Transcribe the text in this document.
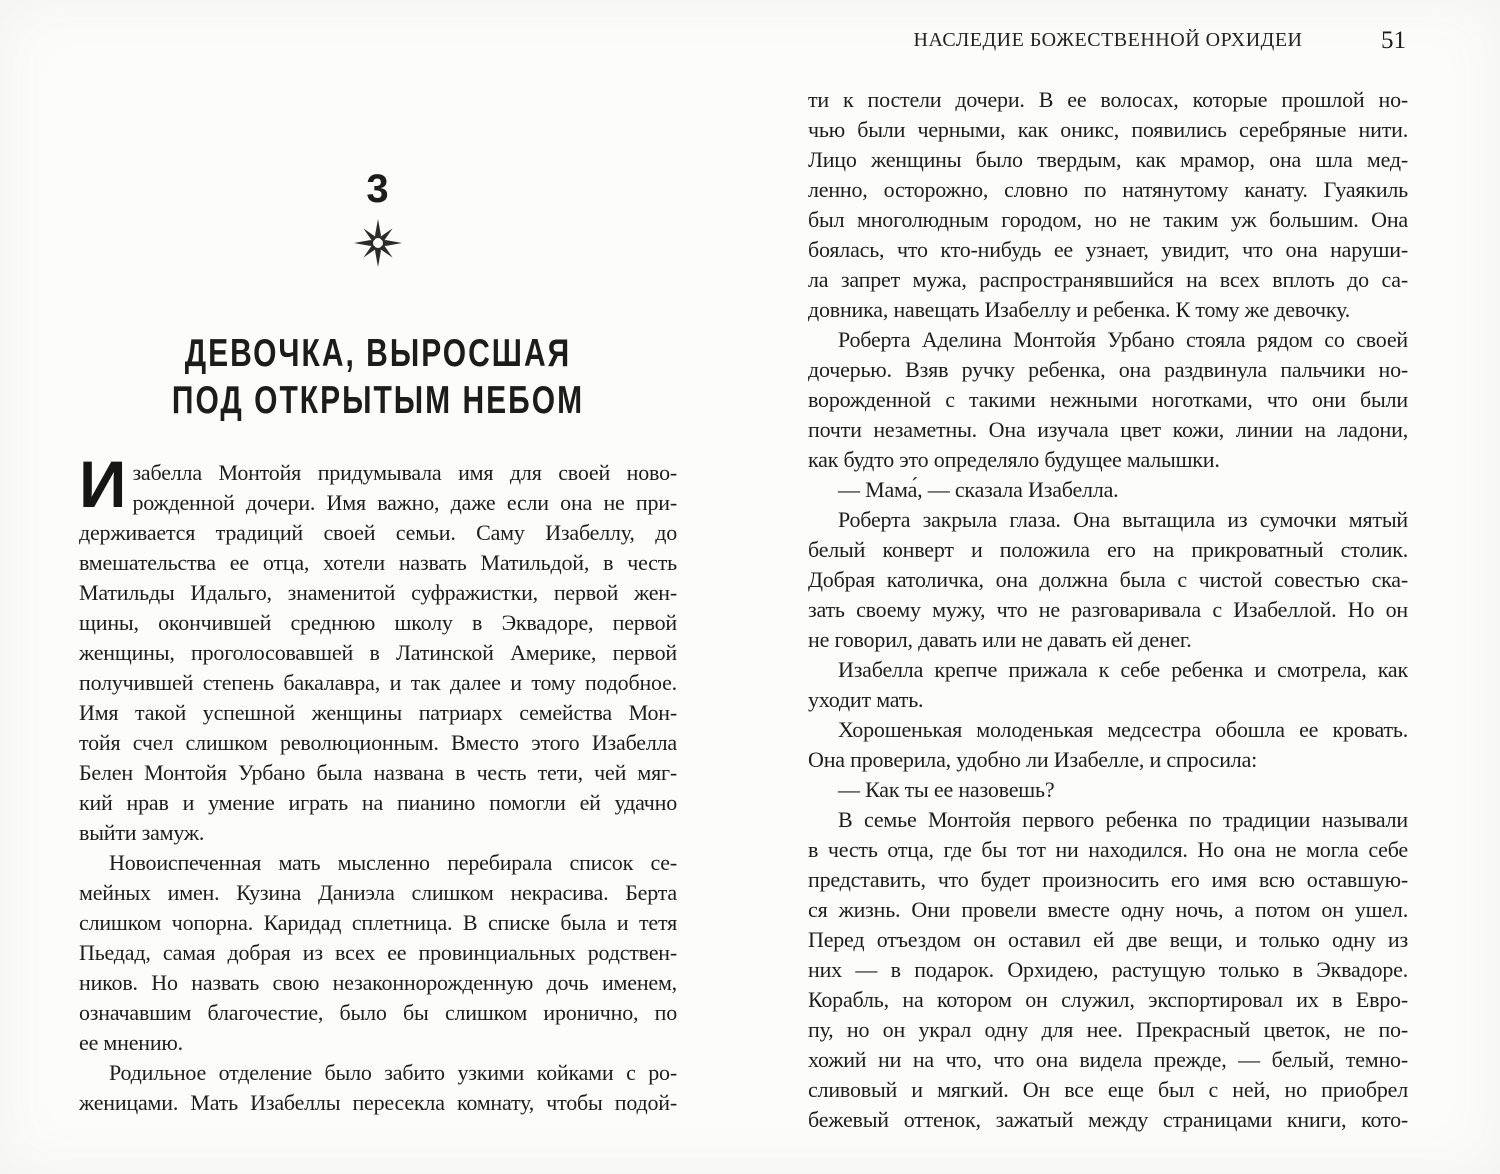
3
ДЕВОЧКА, ВЫРОСШАЯ
ПОД ОТКРЫТЫМ НЕБОМ
И забелла Монтойя придумывала имя для своей ново-
рожденной дочери. Имя важно, даже если она не при-
держивается традиций своей семьи. Саму Изабеллу, до
вмешательства ее отца, хотели назвать Матильдой, в честь
Матильды Идальго, знаменитой суфражистки, первой жен-
щины, окончившей среднюю школу в Эквадоре, первой
женщины, проголосовавшей в Латинской Америке, первой
получившей степень бакалавра, и так далее и тому подобное.
Имя такой успешной женщины патриарх семейства Мон-
тойя счел слишком революционным. Вместо этого Изабелла
Белен Монтойя Урбано была названа в честь тети, чей мяг-
кий нрав и умение играть на пианино помогли ей удачно
выйти замуж.
Новоиспеченная мать мысленно перебирала список се-
мейных имен. Кузина Даниэла слишком некрасива. Берта
слишком чопорна. Каридад сплетница. В списке была и тетя
Пьедад, самая добрая из всех ее провинциальных родствен-
ников. Но назвать свою незаконнорожденную дочь именем,
означавшим благочестие, было бы слишком иронично, по
ее мнению.
Родильное отделение было забито узкими койками с ро-
женицами. Мать Изабеллы пересекла комнату, чтобы подой-
НАСЛЕДИЕ БОЖЕСТВЕННОЙ ОРХИДЕИ	51
ти к постели дочери. В ее волосах, которые прошлой но-
чью были черными, как оникс, появились серебряные нити.
Лицо женщины было твердым, как мрамор, она шла мед-
ленно, осторожно, словно по натянутому канату. Гуаякиль
был многолюдным городом, но не таким уж большим. Она
боялась, что кто-нибудь ее узнает, увидит, что она наруши-
ла запрет мужа, распространявшийся на всех вплоть до са-
довника, навещать Изабеллу и ребенка. К тому же девочку.
Роберта Аделина Монтойя Урбано стояла рядом со своей
дочерью. Взяв ручку ребенка, она раздвинула пальчики но-
ворожденной с такими нежными ноготками, что они были
почти незаметны. Она изучала цвет кожи, линии на ладони,
как будто это определяло будущее малышки.
— Мама́, — сказала Изабелла.
Роберта закрыла глаза. Она вытащила из сумочки мятый
белый конверт и положила его на прикроватный столик.
Добрая католичка, она должна была с чистой совестью ска-
зать своему мужу, что не разговаривала с Изабеллой. Но он
не говорил, давать или не давать ей денег.
Изабелла крепче прижала к себе ребенка и смотрела, как
уходит мать.
Хорошенькая молоденькая медсестра обошла ее кровать.
Она проверила, удобно ли Изабелле, и спросила:
— Как ты ее назовешь?
В семье Монтойя первого ребенка по традиции называли
в честь отца, где бы тот ни находился. Но она не могла себе
представить, что будет произносить его имя всю оставшую-
ся жизнь. Они провели вместе одну ночь, а потом он ушел.
Перед отъездом он оставил ей две вещи, и только одну из
них — в подарок. Орхидею, растущую только в Эквадоре.
Корабль, на котором он служил, экспортировал их в Евро-
пу, но он украл одну для нее. Прекрасный цветок, не по-
хожий ни на что, что она видела прежде, — белый, темно-
сливовый и мягкий. Он все еще был с ней, но приобрел
бежевый оттенок, зажатый между страницами книги, кото-
